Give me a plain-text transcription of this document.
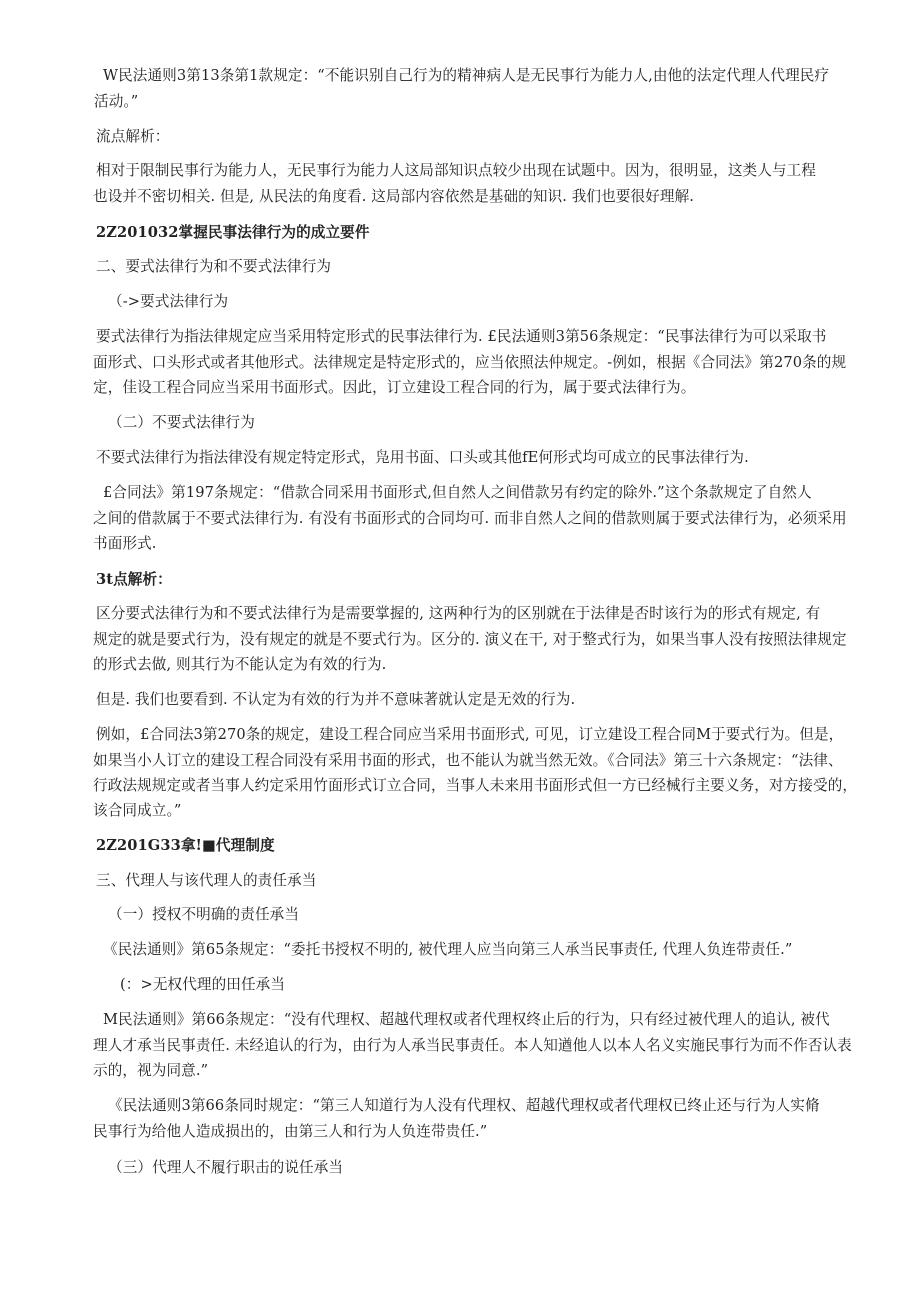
W民法通则3第13条第1款规定：“不能识别自己行为的精神病人是无民事行为能力人,由他的法定代理人代理民疗
活动。”
流点解析：
相对于限制民事行为能力人，无民事行为能力人这局部知识点较少出现在试题中。因为，很明显，这类人与工程
也设并不密切相关. 但是, 从民法的角度看. 这局部内容依然是基础的知识. 我们也要很好理解.
2Z201032掌握民事法律行为的成立要件
二、要式法律行为和不要式法律行为
（->要式法律行为
要式法律行为指法律规定应当采用特定形式的民事法律行为. £民法通则3第56条规定：“民事法律行为可以采取书
面形式、口头形式或者其他形式。法律规定是特定形式的，应当依照法仲规定。-例如，根据《合同法》第270条的规
定，佳设工程合同应当采用书面形式。因此，订立建设工程合同的行为，属于要式法律行为。
（二）不要式法律行为
不要式法律行为指法律没有规定特定形式，凫用书面、口头或其他fE何形式均可成立的民事法律行为.
£合同法》第197条规定：“借款合同采用书面形式,但自然人之间借款另有约定的除外.”这个条款规定了自然人
之间的借款属于不要式法律行为. 有没有书面形式的合同均可. 而非自然人之间的借款则属于要式法律行为，必须采用
书面形式.
3t点解析：
区分要式法律行为和不要式法律行为是需要掌握的, 这两种行为的区别就在于法律是否时该行为的形式有规定, 有
规定的就是要式行为，没有规定的就是不要式行为。区分的. 演义在干, 对于整式行为，如果当事人没有按照法律规定
的形式去做, 则其行为不能认定为有效的行为.
但是. 我们也要看到. 不认定为有效的行为并不意味著就认定是无效的行为.
例如，£合同法3第270条的规定，建设工程合同应当采用书面形式, 可见，订立建设工程合同M于要式行为。但是，
如果当小人订立的建设工程合同没有采用书面的形式，也不能认为就当然无效。《合同法》第三十六条规定：“法律、
行政法规规定或者当事人约定采用竹面形式订立合同，当事人未来用书面形式但一方已经械行主要义务，对方接受的，
该合同成立。”
2Z201G33拿!■代理制度
三、代理人与该代理人的责任承当
（一）授权不明确的责任承当
《民法通则》第65条规定：“委托书授权不明的, 被代理人应当向第三人承当民事责任, 代理人负连带责任.”
(：>无权代理的田任承当
M民法通则》第66条规定：“没有代理权、超越代理权或者代理权终止后的行为，只有经过被代理人的追认, 被代
理人才承当民事责任. 未经追认的行为，由行为人承当民事责任。本人知遒他人以本人名义实施民事行为而不作否认表
示的，视为同意.”
《民法通则3第66条同时规定：“第三人知道行为人没有代理权、超越代理权或者代理权已终止还与行为人实脩
民事行为给他人造成损出的，由第三人和行为人负连带贵任.”
（三）代理人不履行职击的说任承当
